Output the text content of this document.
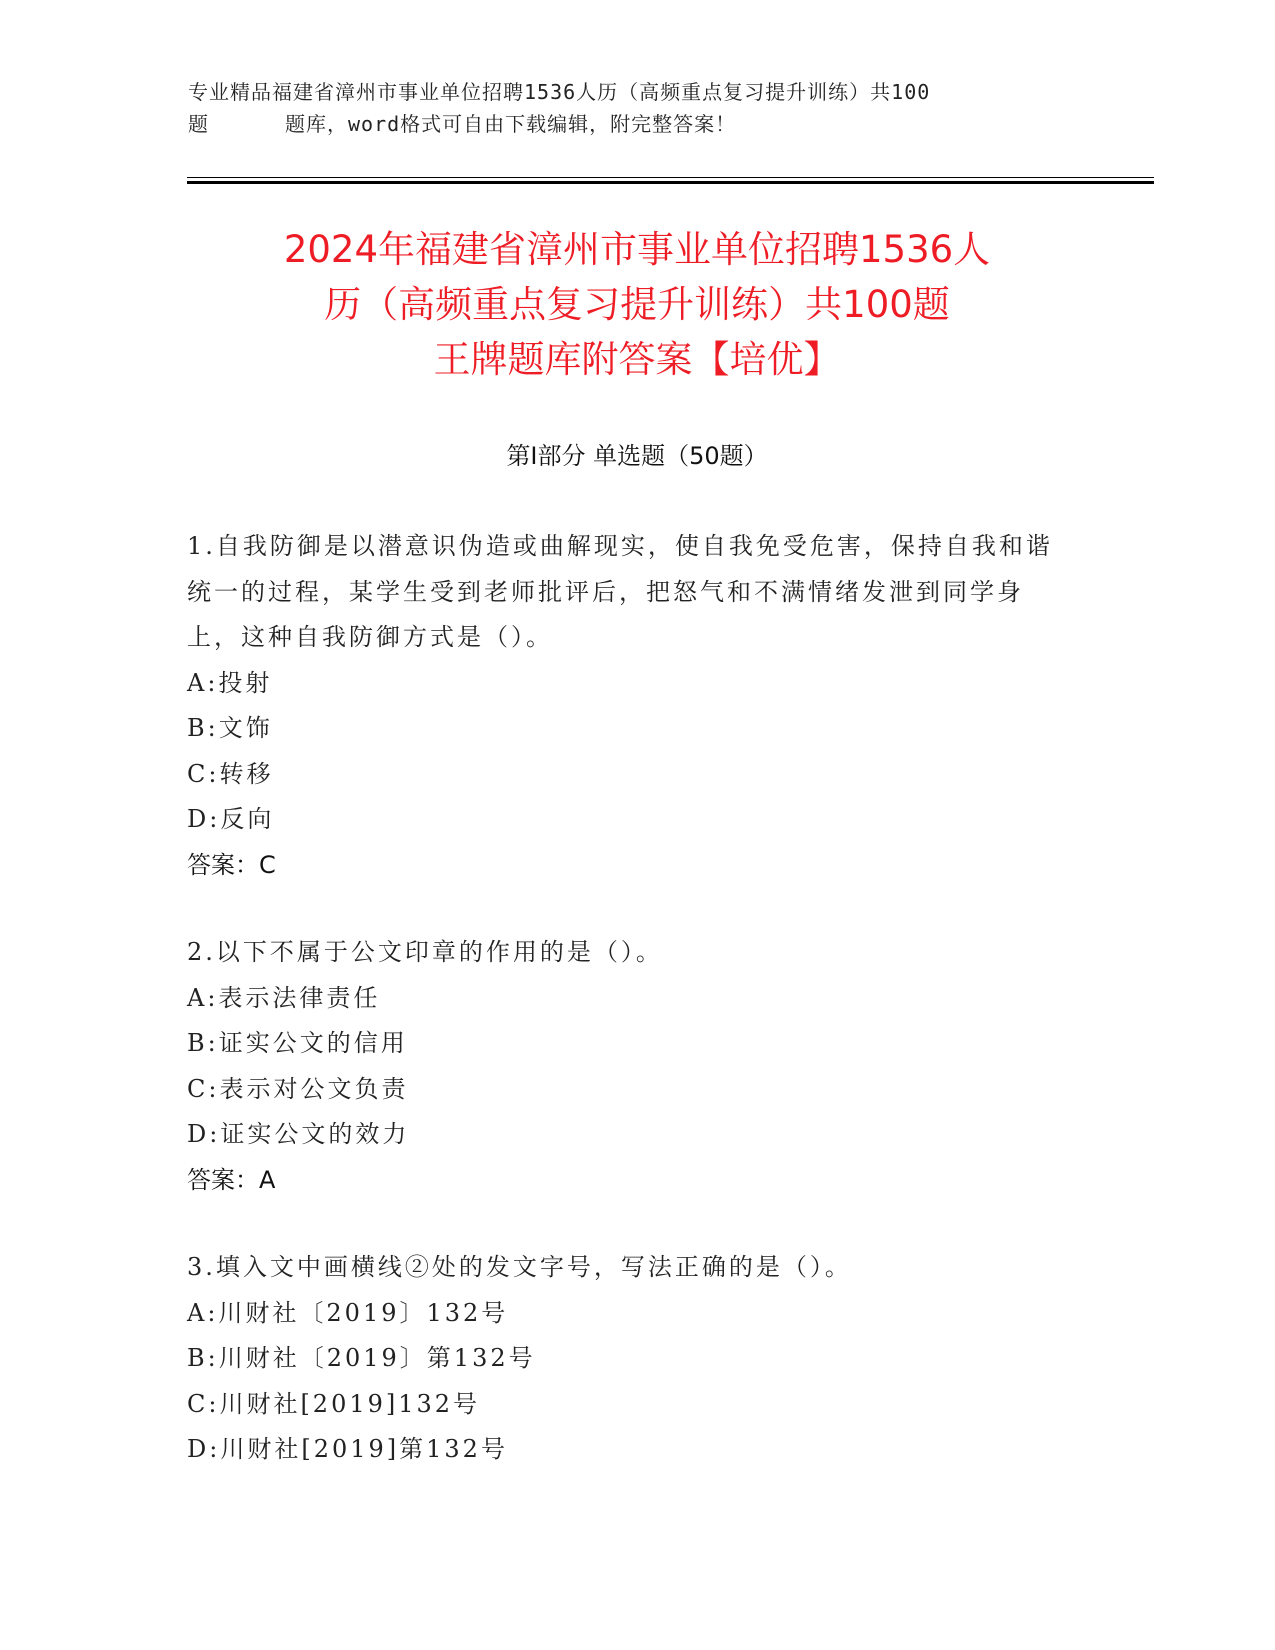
专业精品福建省漳州市事业单位招聘1536人历（高频重点复习提升训练）共100
题	题库，word格式可自由下载编辑，附完整答案！
2024年福建省漳州市事业单位招聘1536人
历（高频重点复习提升训练）共100题
王牌题库附答案【培优】
第I部分 单选题（50题）

1.自我防御是以潜意识伪造或曲解现实，使自我免受危害，保持自我和谐统一的过程，某学生受到老师批评后，把怒气和不满情绪发泄到同学身上，这种自我防御方式是（）。

A:投射

B:文饰

C:转移

D:反向

答案：C

2.以下不属于公文印章的作用的是（）。

A:表示法律责任

B:证实公文的信用

C:表示对公文负责

D:证实公文的效力

答案：A

3.填入文中画横线②处的发文字号，写法正确的是（）。

A:川财社〔2019〕132号

B:川财社〔2019〕第132号

C:川财社[2019]132号

D:川财社[2019]第132号
